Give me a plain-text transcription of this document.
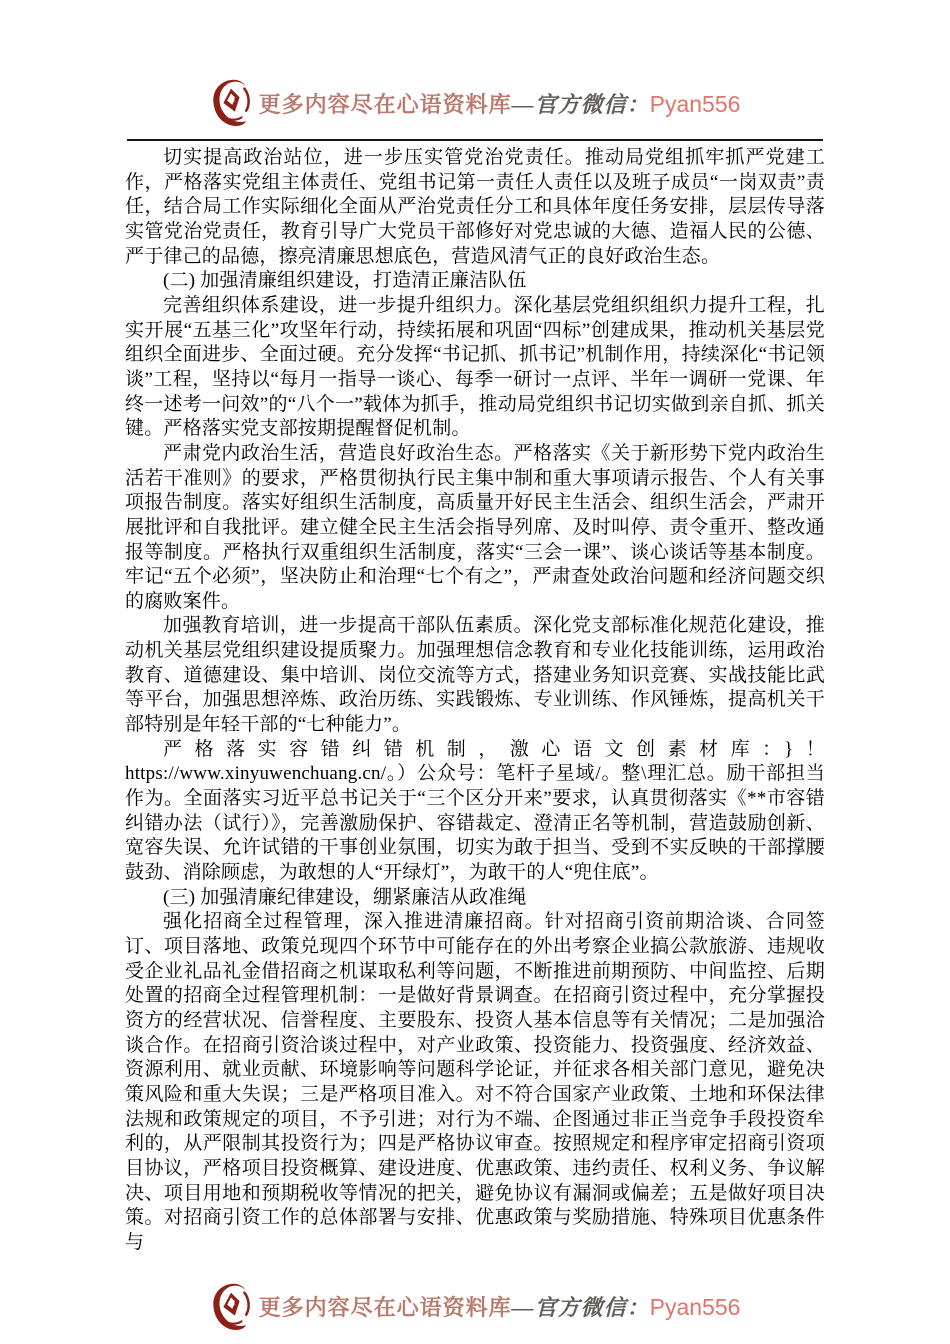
更多内容尽在心语资料库—官方微信：Pyan556

切实提高政治站位，进一步压实管党治党责任。推动局党组抓牢抓严党建工作，严格落实党组主体责任、党组书记第一责任人责任以及班子成员“一岗双责”责任，结合局工作实际细化全面从严治党责任分工和具体年度任务安排，层层传导落实管党治党责任，教育引导广大党员干部修好对党忠诚的大德、造福人民的公德、严于律己的品德，擦亮清廉思想底色，营造风清气正的良好政治生态。

(二) 加强清廉组织建设，打造清正廉洁队伍

完善组织体系建设，进一步提升组织力。深化基层党组织组织力提升工程，扎实开展“五基三化”攻坚年行动，持续拓展和巩固“四标”创建成果，推动机关基层党组织全面进步、全面过硬。充分发挥“书记抓、抓书记”机制作用，持续深化“书记领谈”工程，坚持以“每月一指导一谈心、每季一研讨一点评、半年一调研一党课、年终一述考一问效”的“八个一”载体为抓手，推动局党组织书记切实做到亲自抓、抓关键。严格落实党支部按期提醒督促机制。

严肃党内政治生活，营造良好政治生态。严格落实《关于新形势下党内政治生活若干准则》的要求，严格贯彻执行民主集中制和重大事项请示报告、个人有关事项报告制度。落实好组织生活制度，高质量开好民主生活会、组织生活会，严肃开展批评和自我批评。建立健全民主生活会指导列席、及时叫停、责令重开、整改通报等制度。严格执行双重组织生活制度，落实“三会一课”、谈心谈话等基本制度。牢记“五个必须”，坚决防止和治理“七个有之”，严肃查处政治问题和经济问题交织的腐败案件。

加强教育培训，进一步提高干部队伍素质。深化党支部标准化规范化建设，推动机关基层党组织建设提质聚力。加强理想信念教育和专业化技能训练，运用政治教育、道德建设、集中培训、岗位交流等方式，搭建业务知识竞赛、实战技能比武等平台，加强思想淬炼、政治历练、实践锻炼、专业训练、作风锤炼，提高机关干部特别是年轻干部的“七种能力”。

严格落实容错纠错机制，激心语文创素材库：}！https://www.xinyuwenchuang.cn/。）公众号：笔杆子星域/。整\理汇总。励干部担当作为。全面落实习近平总书记关于“三个区分开来”要求，认真贯彻落实《**市容错纠错办法（试行）》，完善激励保护、容错裁定、澄清正名等机制，营造鼓励创新、宽容失误、允许试错的干事创业氛围，切实为敢于担当、受到不实反映的干部撑腰鼓劲、消除顾虑，为敢想的人“开绿灯”，为敢干的人“兜住底”。

(三) 加强清廉纪律建设，绷紧廉洁从政准绳

强化招商全过程管理，深入推进清廉招商。针对招商引资前期洽谈、合同签订、项目落地、政策兑现四个环节中可能存在的外出考察企业搞公款旅游、违规收受企业礼品礼金借招商之机谋取私利等问题，不断推进前期预防、中间监控、后期处置的招商全过程管理机制：一是做好背景调查。在招商引资过程中，充分掌握投资方的经营状况、信誉程度、主要股东、投资人基本信息等有关情况；二是加强洽谈合作。在招商引资洽谈过程中，对产业政策、投资能力、投资强度、经济效益、资源利用、就业贡献、环境影响等问题科学论证，并征求各相关部门意见，避免决策风险和重大失误；三是严格项目准入。对不符合国家产业政策、土地和环保法律法规和政策规定的项目，不予引进；对行为不端、企图通过非正当竞争手段投资牟利的，从严限制其投资行为；四是严格协议审查。按照规定和程序审定招商引资项目协议，严格项目投资概算、建设进度、优惠政策、违约责任、权利义务、争议解决、项目用地和预期税收等情况的把关，避免协议有漏洞或偏差；五是做好项目决策。对招商引资工作的总体部署与安排、优惠政策与奖励措施、特殊项目优惠条件与

更多内容尽在心语资料库—官方微信：Pyan556
